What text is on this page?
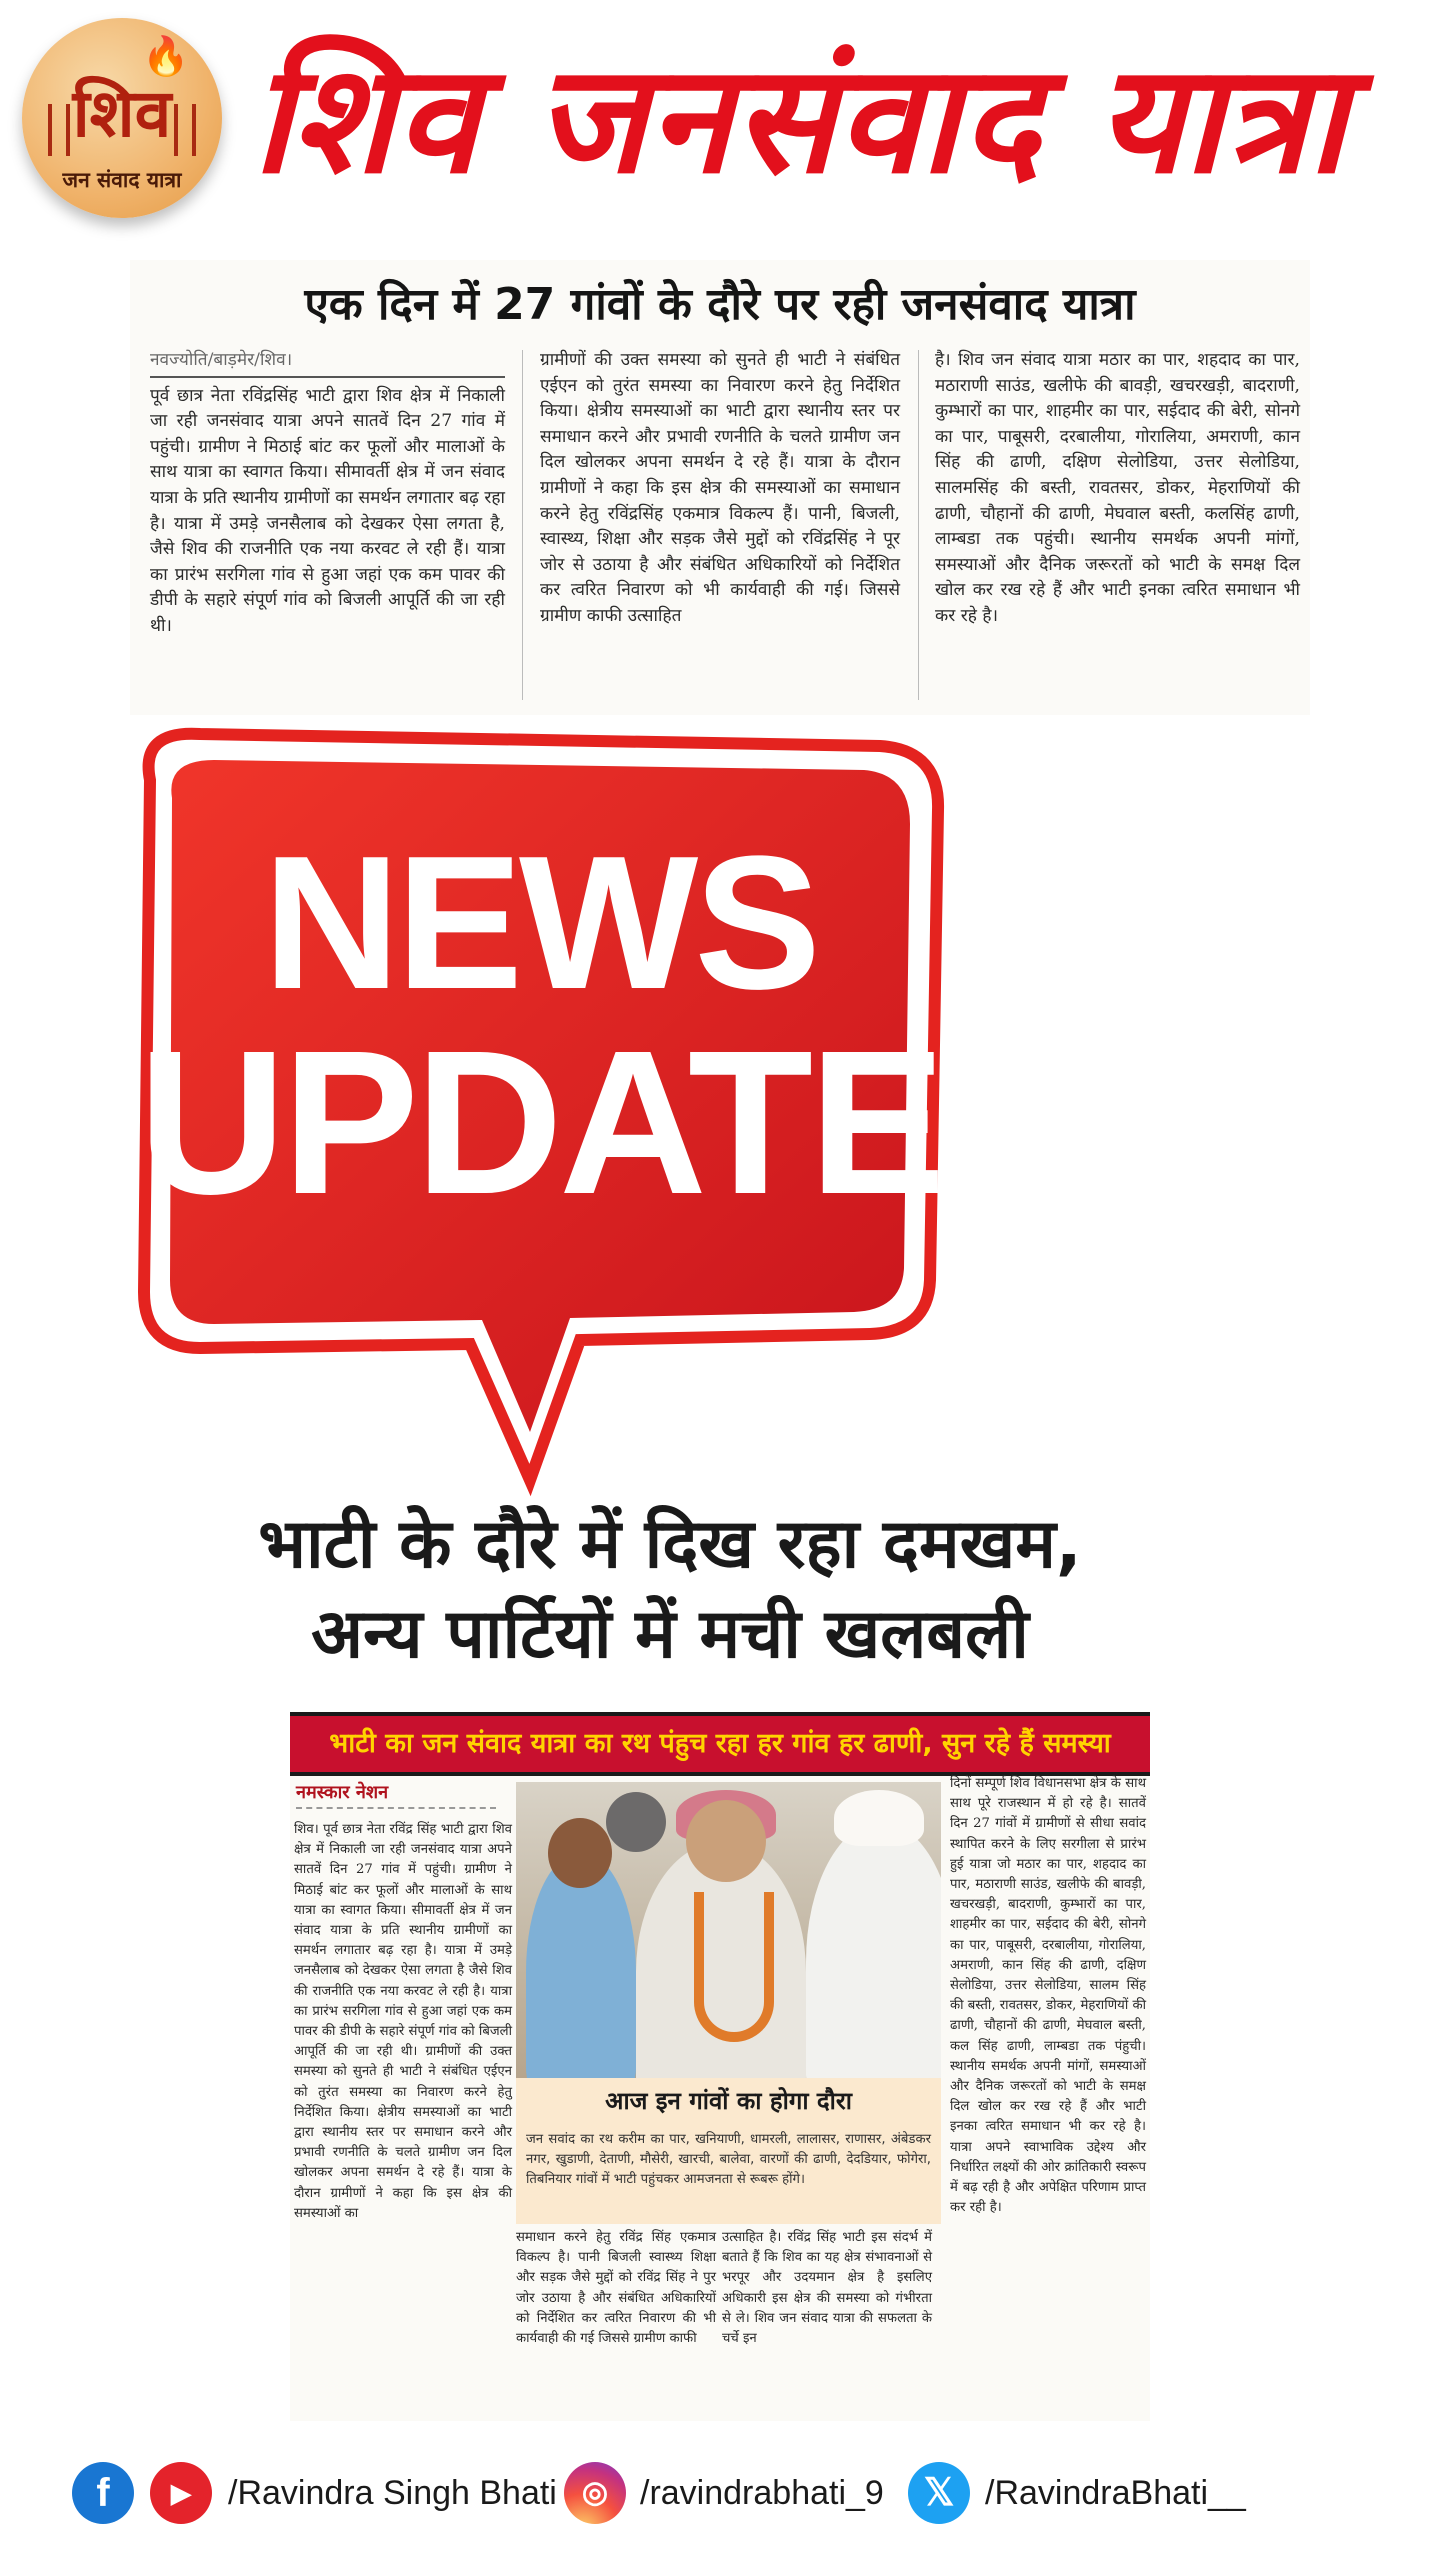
🔥
शिव
जन संवाद यात्रा शिव जनसंवाद यात्रा
एक दिन में 27 गांवों के दौरे पर रही जनसंवाद यात्रा
नवज्योति/बाड़मेर/शिव।
पूर्व छात्र नेता रविंद्रसिंह भाटी द्वारा शिव क्षेत्र में निकाली जा रही जनसंवाद यात्रा अपने सातवें दिन 27 गांव में पहुंची। ग्रामीण ने मिठाई बांट कर फूलों और मालाओं के साथ यात्रा का स्वागत किया। सीमावर्ती क्षेत्र में जन संवाद यात्रा के प्रति स्थानीय ग्रामीणों का समर्थन लगातार बढ़ रहा है। यात्रा में उमड़े जनसैलाब को देखकर ऐसा लगता है, जैसे शिव की राजनीति एक नया करवट ले रही हैं। यात्रा का प्रारंभ सरगिला गांव से हुआ जहां एक कम पावर की डीपी के सहारे संपूर्ण गांव को बिजली आपूर्ति की जा रही थी।
ग्रामीणों की उक्त समस्या को सुनते ही भाटी ने संबंधित एईएन को तुरंत समस्या का निवारण करने हेतु निर्देशित किया। क्षेत्रीय समस्याओं का भाटी द्वारा स्थानीय स्तर पर समाधान करने और प्रभावी रणनीति के चलते ग्रामीण जन दिल खोलकर अपना समर्थन दे रहे हैं। यात्रा के दौरान ग्रामीणों ने कहा कि इस क्षेत्र की समस्याओं का समाधान करने हेतु रविंद्रसिंह एकमात्र विकल्प हैं। पानी, बिजली, स्वास्थ्य, शिक्षा और सड़क जैसे मुद्दों को रविंद्रसिंह ने पूर जोर से उठाया है और संबंधित अधिकारियों को निर्देशित कर त्वरित निवारण को भी कार्यवाही की गई। जिससे ग्रामीण काफी उत्साहित
है। शिव जन संवाद यात्रा मठार का पार, शहदाद का पार, मठाराणी साउंड, खलीफे की बावड़ी, खचरखड़ी, बादराणी, कुम्भारों का पार, शाहमीर का पार, सईदाद की बेरी, सोनगे का पार, पाबूसरी, दरबालीया, गोरालिया, अमराणी, कान सिंह की ढाणी, दक्षिण सेलोडिया, उत्तर सेलोडिया, सालमसिंह की बस्ती, रावतसर, डोकर, मेहराणियों की ढाणी, चौहानों की ढाणी, मेघवाल बस्ती, कलसिंह ढाणी, लाम्बडा तक पहुंची। स्थानीय समर्थक अपनी मांगों, समस्याओं और दैनिक जरूरतों को भाटी के समक्ष दिल खोल कर रख रहे हैं और भाटी इनका त्वरित समाधान भी कर रहे है।
NEWS
UPDATE
भाटी के दौरे में दिख रहा दमखम,
अन्य पार्टियों में मची खलबली
भाटी का जन संवाद यात्रा का रथ पंहुच रहा हर गांव हर ढाणी, सुन रहे हैं समस्या
नमस्कार नेशन
शिव। पूर्व छात्र नेता रविंद्र सिंह भाटी द्वारा शिव क्षेत्र में निकाली जा रही जनसंवाद यात्रा अपने सातवें दिन 27 गांव में पहुंची। ग्रामीण ने मिठाई बांट कर फूलों और मालाओं के साथ यात्रा का स्वागत किया। सीमावर्ती क्षेत्र में जन संवाद यात्रा के प्रति स्थानीय ग्रामीणों का समर्थन लगातार बढ़ रहा है। यात्रा में उमड़े जनसैलाब को देखकर ऐसा लगता है जैसे शिव की राजनीति एक नया करवट ले रही है। यात्रा का प्रारंभ सरगिला गांव से हुआ जहां एक कम पावर की डीपी के सहारे संपूर्ण गांव को बिजली आपूर्ति की जा रही थी। ग्रामीणों की उक्त समस्या को सुनते ही भाटी ने संबंधित एईएन को तुरंत समस्या का निवारण करने हेतु निर्देशित किया। क्षेत्रीय समस्याओं का भाटी द्वारा स्थानीय स्तर पर समाधान करने और प्रभावी रणनीति के चलते ग्रामीण जन दिल खोलकर अपना समर्थन दे रहे हैं। यात्रा के दौरान ग्रामीणों ने कहा कि इस क्षेत्र की समस्याओं का
आज इन गांवों का होगा दौरा
जन सवांद का रथ करीम का पार, खनियाणी, धामरली, लालासर, राणासर, अंबेडकर नगर, खुडाणी, देताणी, मौसेरी, खारची, बालेवा, वारणों की ढाणी, देदडियार, फोगेरा, तिबनियार गांवों में भाटी पहुंचकर आमजनता से रूबरू होंगे।
समाधान करने हेतु रविंद्र सिंह एकमात्र विकल्प है। पानी बिजली स्वास्थ्य शिक्षा और सड़क जैसे मुद्दों को रविंद्र सिंह ने पुर जोर उठाया है और संबंधित अधिकारियों को निर्देशित कर त्वरित निवारण की भी कार्यवाही की गई जिससे ग्रामीण काफी
उत्साहित है। रविंद्र सिंह भाटी इस संदर्भ में बताते हैं कि शिव का यह क्षेत्र संभावनाओं से भरपूर और उदयमान क्षेत्र है इसलिए अधिकारी इस क्षेत्र की समस्या को गंभीरता से ले। शिव जन संवाद यात्रा की सफलता के चर्चे इन
दिनों सम्पूर्ण शिव विधानसभा क्षेत्र के साथ साथ पूरे राजस्थान में हो रहे है। सातवें दिन 27 गांवों में ग्रामीणों से सीधा सवांद स्थापित करने के लिए सरगीला से प्रारंभ हुई यात्रा जो मठार का पार, शहदाद का पार, मठाराणी साउंड, खलीफे की बावड़ी, खचरखड़ी, बादराणी, कुम्भारों का पार, शाहमीर का पार, सईदाद की बेरी, सोनगे का पार, पाबूसरी, दरबालीया, गोरालिया, अमराणी, कान सिंह की ढाणी, दक्षिण सेलोडिया, उत्तर सेलोडिया, सालम सिंह की बस्ती, रावतसर, डोकर, मेहराणियों की ढाणी, चौहानों की ढाणी, मेघवाल बस्ती, कल सिंह ढाणी, लाम्बडा तक पंहुची। स्थानीय समर्थक अपनी मांगों, समस्याओं और दैनिक जरूरतों को भाटी के समक्ष दिल खोल कर रख रहे हैं और भाटी इनका त्वरित समाधान भी कर रहे है। यात्रा अपने स्वाभाविक उद्देश्य और निर्धारित लक्ष्यों की ओर क्रांतिकारी स्वरूप में बढ़ रही है और अपेक्षित परिणाम प्राप्त कर रही है।
f	▶	/Ravindra Singh Bhati ◎ /ravindrabhati_9	𝕏 /RavindraBhati__
